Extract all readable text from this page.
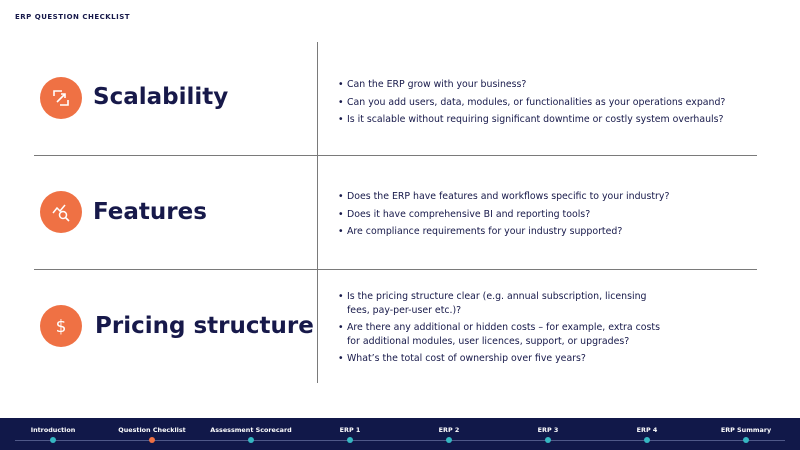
ERP QUESTION CHECKLIST
Scalability
•	Can the ERP grow with your business?
• Can you add users, data, modules, or functionalities as your operations expand?
• Is it scalable without requiring significant downtime or costly system overhauls?
Features
• Does the ERP have features and workflows specific to your industry?
• Does it have comprehensive BI and reporting tools?
• Are compliance requirements for your industry supported?
$ Pricing structure
• Is the pricing structure clear (e.g. annual subscription, licensing fees, pay-per-user etc.)?
• Are there any additional or hidden costs – for example, extra costs for additional modules, user licences, support, or upgrades?
• What’s the total cost of ownership over five years?
Introduction	Question Checklist	Assessment Scorecard	ERP 1	ERP 2	ERP 3	ERP 4	ERP Summary
